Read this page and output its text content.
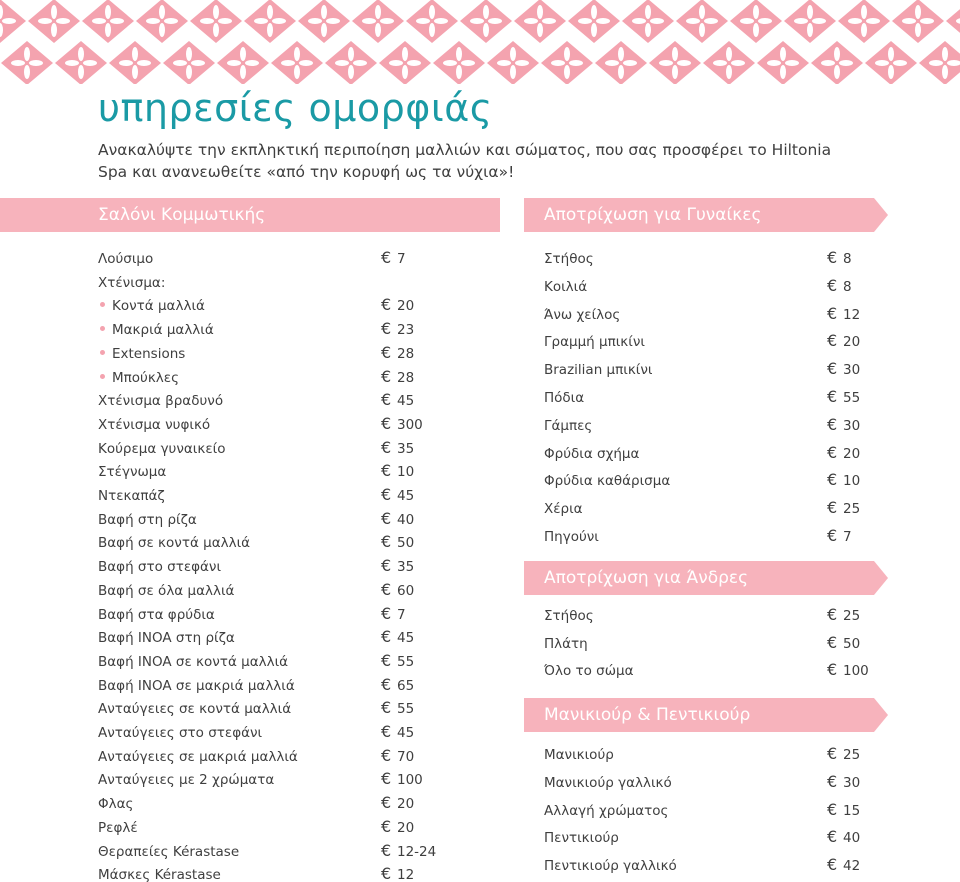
υπηρεσίες ομορφιάς

Ανακαλύψτε την εκπληκτική περιποίηση μαλλιών και σώματος, που σας προσφέρει το Hiltonia Spa και ανανεωθείτε «από την κορυφή ως τα νύχια»!

Σαλόνι Κομμωτικής	Αποτρίχωση για Γυναίκες
Αποτρίχωση για Άνδρες
Μανικιούρ & Πεντικιούρ
Λούσιμο	€ 7
Χτένισμα:
Κοντά μαλλιά	€ 20
Μακριά μαλλιά	€ 23
Extensions	€ 28
Μπούκλες	€ 28
Χτένισμα βραδυνό	€ 45
Χτένισμα νυφικό	€ 300
Κούρεμα γυναικείο	€ 35
Στέγνωμα	€ 10
Ντεκαπάζ	€ 45
Βαφή στη ρίζα	€ 40
Βαφή σε κοντά μαλλιά	€ 50
Βαφή στο στεφάνι	€ 35
Βαφή σε όλα μαλλιά	€ 60
Βαφή στα φρύδια	€ 7
Βαφή INOA στη ρίζα	€ 45
Βαφή INOA σε κοντά μαλλιά	€ 55
Βαφή INOA σε μακριά μαλλιά	€ 65
Ανταύγειες σε κοντά μαλλιά	€ 55
Ανταύγειες στο στεφάνι	€ 45
Ανταύγειες σε μακριά μαλλιά	€ 70
Ανταύγειες με 2 χρώματα	€ 100
Φλας	€ 20
Ρεφλέ	€ 20
Θεραπείες Kérastase	€ 12-24
Μάσκες Kérastase	€ 12
Στήθος	€ 8
Κοιλιά	€ 8
Άνω χείλος	€ 12
Γραμμή μπικίνι	€ 20
Brazilian μπικίνι	€ 30
Πόδια	€ 55
Γάμπες	€ 30
Φρύδια σχήμα	€ 20
Φρύδια καθάρισμα	€ 10
Χέρια	€ 25
Πηγούνι	€ 7
Στήθος	€ 25
Πλάτη	€ 50
Όλο το σώμα	€ 100
Μανικιούρ	€ 25
Μανικιούρ γαλλικό	€ 30
Αλλαγή χρώματος	€ 15
Πεντικιούρ	€ 40
Πεντικιούρ γαλλικό	€ 42
